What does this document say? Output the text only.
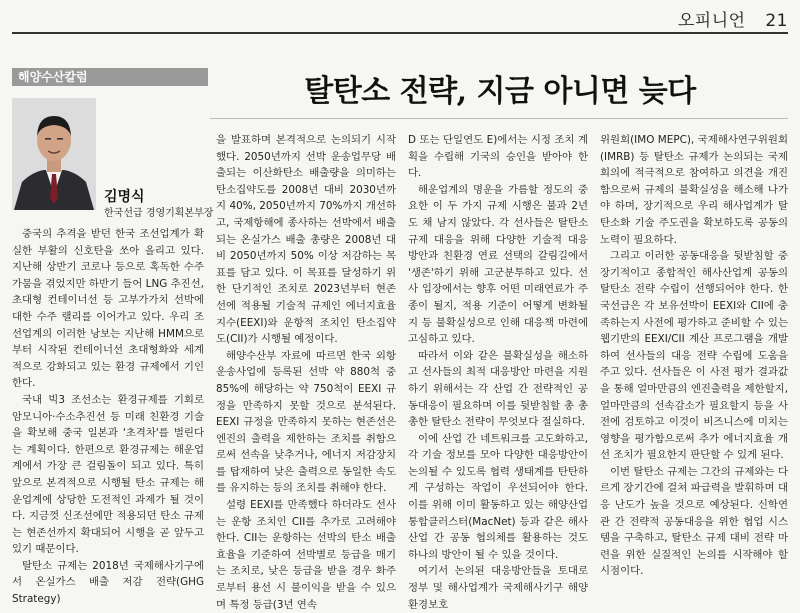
오피니언 21
해양수산칼럼	탈탄소 전략, 지금 아니면 늦다
김명식
한국선급 경영기획본부장

중국의 추격을 받던 한국 조선업계가 확실한 부활의 신호탄을 쏘아 올리고 있다. 지난해 상반기 코로나 등으로 혹독한 수주 가뭄을 겪었지만 하반기 들어 LNG 추진선, 초대형 컨테이너선 등 고부가가치 선박에 대한 수주 랠리를 이어가고 있다. 우리 조선업계의 이러한 낭보는 지난해 HMM으로부터 시작된 컨테이너선 초대형화와 세계적으로 강화되고 있는 환경 규제에서 기인한다.

국내 빅3 조선소는 환경규제를 기회로 암모니아·수소추진선 등 미래 친환경 기술을 확보해 중국 일본과 '초격차'를 벌린다는 계획이다. 한편으로 환경규제는 해운업계에서 가장 큰 걸림돌이 되고 있다. 특히 앞으로 본격적으로 시행될 탄소 규제는 해운업계에 상당한 도전적인 과제가 될 것이다. 지금껏 신조선에만 적용되던 탄소 규제는 현존선까지 확대되어 시행을 곧 앞두고 있기 때문이다.

탈탄소 규제는 2018년 국제해사기구에서 온실가스 배출 저감 전략(GHG Strategy)

을 발표하며 본격적으로 논의되기 시작했다. 2050년까지 선박 운송업무당 배출되는 이산화탄소 배출량을 의미하는 탄소집약도를 2008년 대비 2030년까지 40%, 2050년까지 70%까지 개선하고, 국제항해에 종사하는 선박에서 배출되는 온실가스 배출 총량은 2008년 대비 2050년까지 50% 이상 저감하는 목표를 담고 있다. 이 목표를 달성하기 위한 단기적인 조치로 2023년부터 현존선에 적용될 기술적 규제인 에너지효율지수(EEXI)와 운항적 조치인 탄소집약도(CII)가 시행될 예정이다.

해양수산부 자료에 따르면 한국 외항운송사업에 등록된 선박 약 880척 중 85%에 해당하는 약 750척이 EEXI 규정을 만족하지 못할 것으로 분석된다. EEXI 규정을 만족하지 못하는 현존선은 엔진의 출력을 제한하는 조치를 취함으로써 선속을 낮추거나, 에너지 저감장치를 탑재하여 낮은 출력으로 동일한 속도를 유지하는 등의 조치를 취해야 한다.

설령 EEXI를 만족했다 하더라도 선사는 운항 조치인 CII를 추가로 고려해야 한다. CII는 운항하는 선박의 탄소 배출 효율을 기준하여 선박별로 등급을 매기는 조치로, 낮은 등급을 받을 경우 화주로부터 용선 시 불이익을 받을 수 있으며 특정 등급(3년 연속

D 또는 단일연도 E)에서는 시정 조치 계획을 수립해 기국의 승인을 받아야 한다.

해운업계의 명운을 가름할 정도의 중요한 이 두 가지 규제 시행은 불과 2년도 채 남지 않았다. 각 선사들은 탈탄소 규제 대응을 위해 다양한 기술적 대응 방안과 친환경 연료 선택의 갈림길에서 '생존'하기 위해 고군분투하고 있다. 선사 입장에서는 향후 어떤 미래연료가 주종이 될지, 적용 기준이 어떻게 변화될지 등 불확실성으로 인해 대응책 마련에 고심하고 있다.

따라서 이와 같은 불확실성을 해소하고 선사들의 최적 대응방안 마련을 지원하기 위해서는 각 산업 간 전략적인 공동대응이 필요하며 이를 뒷받침할 총 총총한 탈탄소 전략이 무엇보다 절실하다.

이에 산업 간 네트워크를 고도화하고, 각 기술 정보를 모아 다양한 대응방안이 논의될 수 있도록 협력 생태계를 탄탄하게 구성하는 작업이 우선되어야 한다. 이를 위해 이미 활동하고 있는 해양산업통합클러스터(MacNet) 등과 같은 해사산업 간 공동 협의체를 활용하는 것도 하나의 방안이 될 수 있을 것이다.

여기서 논의된 대응방안들을 토대로 정부 및 해사업계가 국제해사기구 해양환경보호

위원회(IMO MEPC), 국제해사연구위원회(IMRB) 등 탈탄소 규제가 논의되는 국제회의에 적극적으로 참여하고 의견을 개진함으로써 규제의 불확실성을 해소해 나가야 하며, 장기적으로 우리 해사업계가 탈탄소화 기술 주도권을 확보하도록 공동의 노력이 필요하다.

그리고 이러한 공동대응을 뒷받침할 중장기적이고 종합적인 해사산업계 공동의 탈탄소 전략 수립이 선행되어야 한다. 한국선급은 각 보유선박이 EEXI와 CII에 충족하는지 사전에 평가하고 준비할 수 있는 웹기반의 EEXI/CII 계산 프로그램을 개발하여 선사들의 대응 전략 수립에 도움을 주고 있다. 선사들은 이 사전 평가 결과값을 통해 얼마만큼의 엔진출력을 제한할지, 얼마만큼의 선속감소가 필요할지 등을 사전에 검토하고 이것이 비즈니스에 미치는 영향을 평가함으로써 추가 에너지효율 개선 조치가 필요한지 판단할 수 있게 된다.

이번 탈탄소 규제는 그간의 규제와는 다르게 장기간에 걸쳐 파급력을 발휘하며 대응 난도가 높을 것으로 예상된다. 신학연관 간 전략적 공동대응을 위한 협업 시스템을 구축하고, 탈탄소 규제 대비 전략 마련을 위한 실질적인 논의를 시작해야 할 시점이다.
